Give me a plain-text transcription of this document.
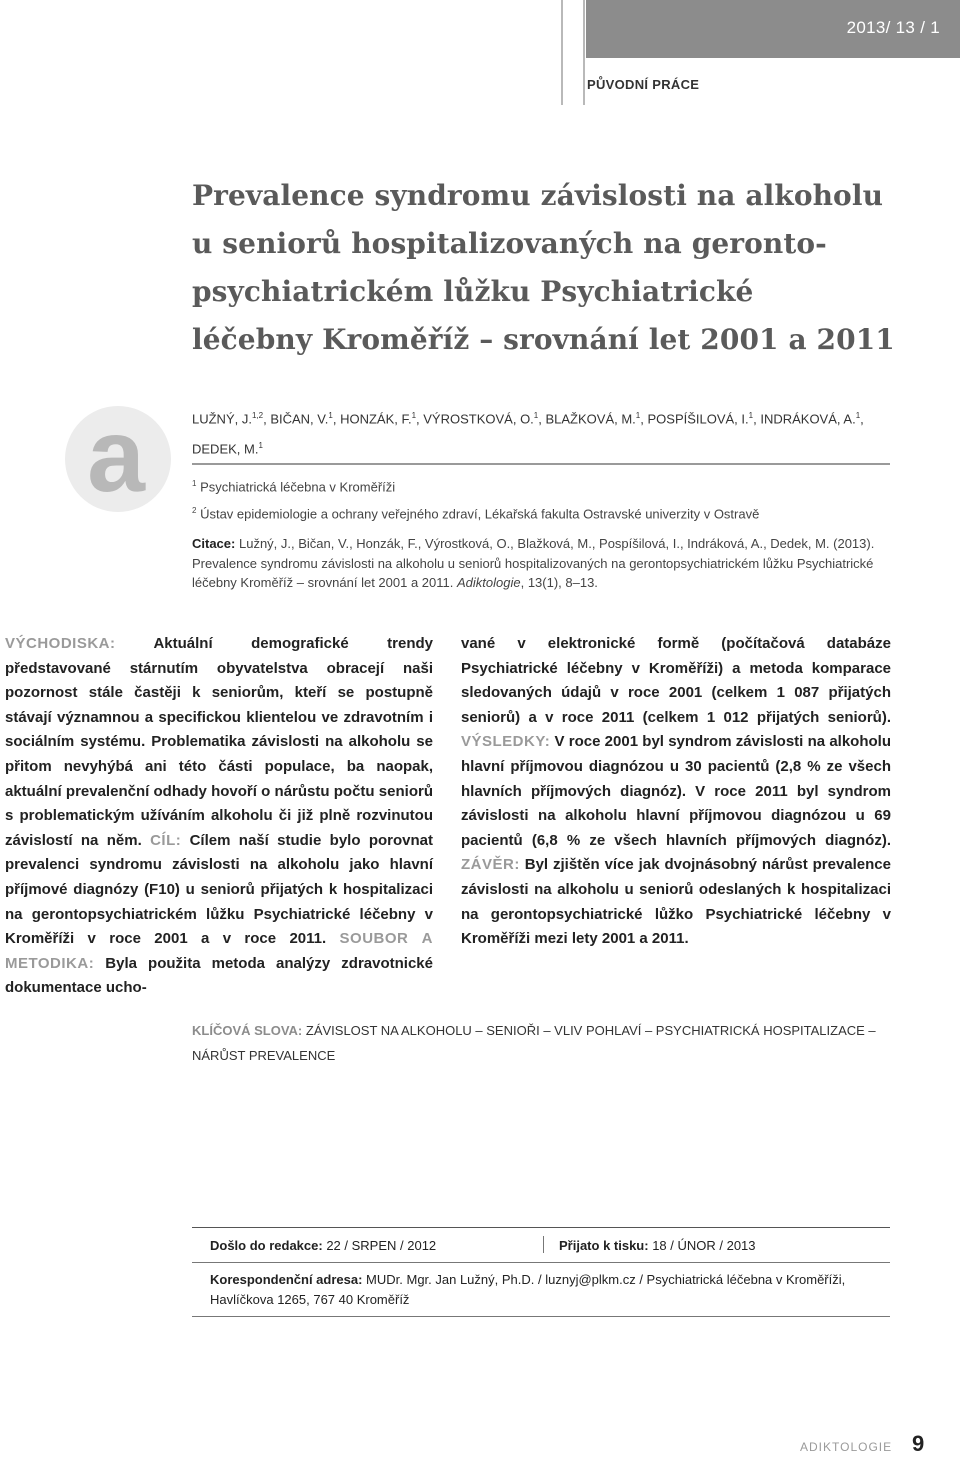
2013/ 13 / 1
PŮVODNÍ PRÁCE
Prevalence syndromu závislosti na alkoholu
u seniorů hospitalizovaných na geronto-
psychiatrickém lůžku Psychiatrické
léčebny Kroměříž – srovnání let 2001 a 2011
a	LUŽNÝ, J.$^{1,2}$, BIČAN, V.$^1$, HONZÁK, F.$^1$, VÝROSTKOVÁ, O.$^1$, BLAŽKOVÁ, M.$^1$, POSPÍŠILOVÁ, I.$^1$, INDRÁKOVÁ, A.$^1$,
DEDEK, M.$^1$
$^1$ Psychiatrická léčebna v Kroměříži
$^2$ Ústav epidemiologie a ochrany veřejného zdraví, Lékařská fakulta Ostravské univerzity v Ostravě
Citace: Lužný, J., Bičan, V., Honzák, F., Výrostková, O., Blažková, M., Pospíšilová, I., Indráková, A., Dedek, M. (2013).
Prevalence syndromu závislosti na alkoholu u seniorů hospitalizovaných na gerontopsychiatrickém lůžku Psychiatrické
léčebny Kroměříž – srovnání let 2001 a 2011. Adiktologie, 13(1), 8–13.
VÝCHODISKA: Aktuální demografické trendy představované stárnutím obyvatelstva obracejí naši pozornost stále častěji k seniorům, kteří se postupně stávají významnou a specifickou klientelou ve zdravotním i sociálním systému. Problematika závislosti na alkoholu se přitom nevyhýbá ani této části populace, ba naopak, aktuální prevalenční odhady hovoří o nárůstu počtu seniorů s problematickým užíváním alkoholu či již plně rozvinutou závislostí na něm. CÍL: Cílem naší studie bylo porovnat prevalenci syndromu závislosti na alkoholu jako hlavní příjmové diagnózy (F10) u seniorů přijatých k hospitalizaci na gerontopsychiatrickém lůžku Psychiatrické léčebny v Kroměříži v roce 2001 a v roce 2011. SOUBOR A METODIKA: Byla použita metoda analýzy zdravotnické dokumentace ucho-
vané v elektronické formě (počítačová databáze Psychiatrické léčebny v Kroměříži) a metoda komparace sledovaných údajů v roce 2001 (celkem 1 087 přijatých seniorů) a v roce 2011 (celkem 1 012 přijatých seniorů). VÝSLEDKY: V roce 2001 byl syndrom závislosti na alkoholu hlavní příjmovou diagnózou u 30 pacientů (2,8 % ze všech hlavních příjmových diagnóz). V roce 2011 byl syndrom závislosti na alkoholu hlavní příjmovou diagnózou u 69 pacientů (6,8 % ze všech hlavních příjmových diagnóz). ZÁVĚR: Byl zjištěn více jak dvojnásobný nárůst prevalence závislosti na alkoholu u seniorů odeslaných k hospitalizaci na gerontopsychiatrické lůžko Psychiatrické léčebny v Kroměříži mezi lety 2001 a 2011.
KLÍČOVÁ SLOVA: ZÁVISLOST NA ALKOHOLU – SENIOŘI – VLIV POHLAVÍ – PSYCHIATRICKÁ HOSPITALIZACE –
NÁRŮST PREVALENCE
Došlo do redakce: 22 / SRPEN / 2012	Přijato k tisku: 18 / ÚNOR / 2013
Korespondenční adresa: MUDr. Mgr. Jan Lužný, Ph.D. / luznyj@plkm.cz / Psychiatrická léčebna v Kroměříži,
Havlíčkova 1265, 767 40 Kroměříž
ADIKTOLOGIE 9
